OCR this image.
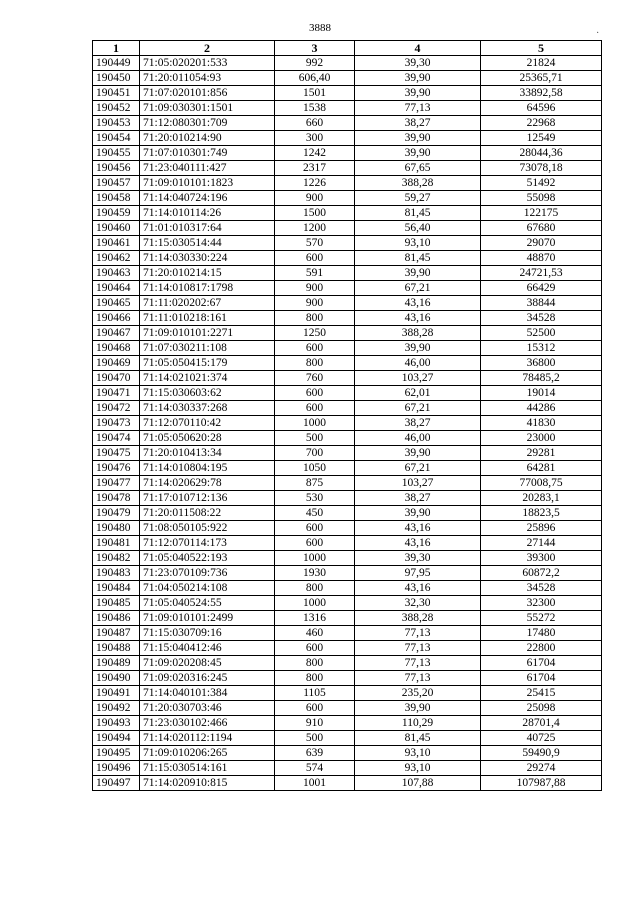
3888	·
1	2	3	4	5
190449	71:05:020201:533	992	39,30	21824
190450	71:20:011054:93	606,40	39,90	25365,71
190451	71:07:020101:856	1501	39,90	33892,58
190452	71:09:030301:1501	1538	77,13	64596
190453	71:12:080301:709	660	38,27	22968
190454	71:20:010214:90	300	39,90	12549
190455	71:07:010301:749	1242	39,90	28044,36
190456	71:23:040111:427	2317	67,65	73078,18
190457	71:09:010101:1823	1226	388,28	51492
190458	71:14:040724:196	900	59,27	55098
190459	71:14:010114:26	1500	81,45	122175
190460	71:01:010317:64	1200	56,40	67680
190461	71:15:030514:44	570	93,10	29070
190462	71:14:030330:224	600	81,45	48870
190463	71:20:010214:15	591	39,90	24721,53
190464	71:14:010817:1798	900	67,21	66429
190465	71:11:020202:67	900	43,16	38844
190466	71:11:010218:161	800	43,16	34528
190467	71:09:010101:2271	1250	388,28	52500
190468	71:07:030211:108	600	39,90	15312
190469	71:05:050415:179	800	46,00	36800
190470	71:14:021021:374	760	103,27	78485,2
190471	71:15:030603:62	600	62,01	19014
190472	71:14:030337:268	600	67,21	44286
190473	71:12:070110:42	1000	38,27	41830
190474	71:05:050620:28	500	46,00	23000
190475	71:20:010413:34	700	39,90	29281
190476	71:14:010804:195	1050	67,21	64281
190477	71:14:020629:78	875	103,27	77008,75
190478	71:17:010712:136	530	38,27	20283,1
190479	71:20:011508:22	450	39,90	18823,5
190480	71:08:050105:922	600	43,16	25896
190481	71:12:070114:173	600	43,16	27144
190482	71:05:040522:193	1000	39,30	39300
190483	71:23:070109:736	1930	97,95	60872,2
190484	71:04:050214:108	800	43,16	34528
190485	71:05:040524:55	1000	32,30	32300
190486	71:09:010101:2499	1316	388,28	55272
190487	71:15:030709:16	460	77,13	17480
190488	71:15:040412:46	600	77,13	22800
190489	71:09:020208:45	800	77,13	61704
190490	71:09:020316:245	800	77,13	61704
190491	71:14:040101:384	1105	235,20	25415
190492	71:20:030703:46	600	39,90	25098
190493	71:23:030102:466	910	110,29	28701,4
190494	71:14:020112:1194	500	81,45	40725
190495	71:09:010206:265	639	93,10	59490,9
190496	71:15:030514:161	574	93,10	29274
190497	71:14:020910:815	1001	107,88	107987,88
